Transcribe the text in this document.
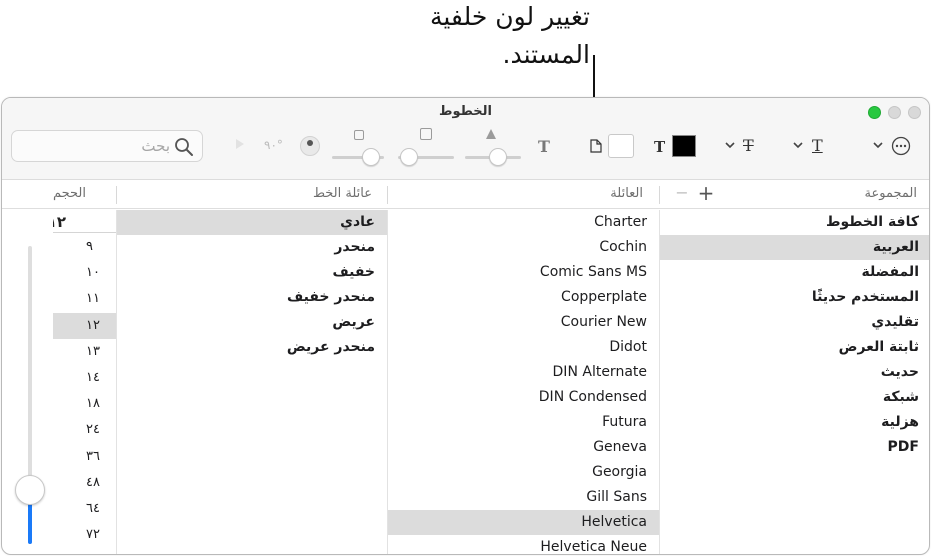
تغيير لون خلفية
المستند.
الخطوط
بحث
٩٠°	T	T	T	T
المجموعة
العائلة
عائلة الخط
الحجم	+
−
كافة الخطوط
العربية
المفضلة
المستخدم حديثًا
تقليدي
ثابتة العرض
حديث
شبكة
هزلية
PDF
Charter
Cochin
Comic Sans MS
Copperplate
Courier New
Didot
DIN Alternate
DIN Condensed
Futura
Geneva
Georgia
Gill Sans
Helvetica
Helvetica Neue
عادي
منحدر
خفيف
منحدر خفيف
عريض
منحدر عريض
١٢
٩
١٠
١١
١٢
١٣
١٤
١٨
٢٤
٣٦
٤٨
٦٤
٧٢
